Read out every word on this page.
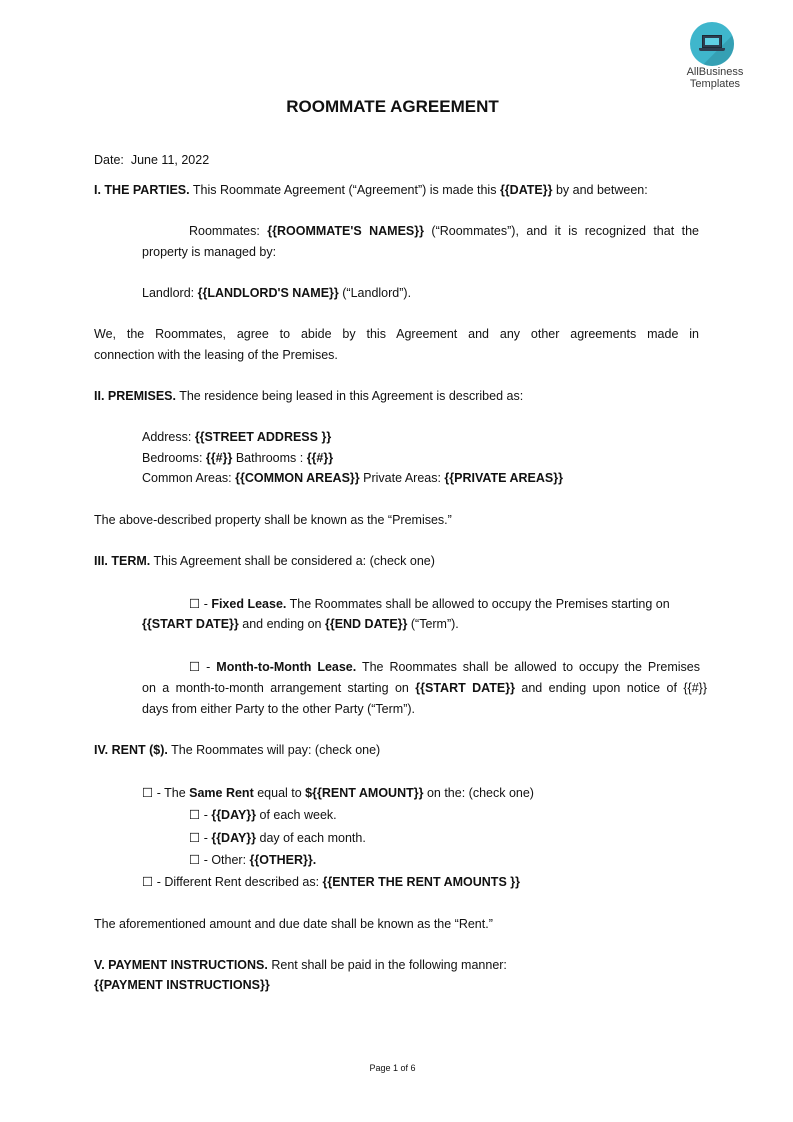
AllBusiness
Templates
ROOMMATE AGREEMENT
Date: June 11, 2022
I. THE PARTIES. This Roommate Agreement (“Agreement”) is made this {{DATE}} by and between:
Roommates: {{ROOMMATE'S NAMES}} (“Roommates”), and it is recognized that the
property is managed by:
Landlord: {{LANDLORD'S NAME}} (“Landlord”).
We, the Roommates, agree to abide by this Agreement and any other agreements made in
connection with the leasing of the Premises.
II. PREMISES. The residence being leased in this Agreement is described as:
Address: {{STREET ADDRESS }}
Bedrooms: {{#}} Bathrooms : {{#}}
Common Areas: {{COMMON AREAS}} Private Areas: {{PRIVATE AREAS}}
The above-described property shall be known as the “Premises.”
III. TERM. This Agreement shall be considered a: (check one)
☐ - Fixed Lease. The Roommates shall be allowed to occupy the Premises starting on
{{START DATE}} and ending on {{END DATE}} (“Term”).
☐ - Month-to-Month Lease. The Roommates shall be allowed to occupy the Premises
on a month-to-month arrangement starting on {{START DATE}} and ending upon notice of {{#}}
days from either Party to the other Party (“Term”).
IV. RENT ($). The Roommates will pay: (check one)
☐ - The Same Rent equal to ${{RENT AMOUNT}} on the: (check one)
☐ - {{DAY}} of each week.
☐ - {{DAY}} day of each month.
☐ - Other: {{OTHER}}.
☐ - Different Rent described as: {{ENTER THE RENT AMOUNTS }}
The aforementioned amount and due date shall be known as the “Rent.”
V. PAYMENT INSTRUCTIONS. Rent shall be paid in the following manner:
{{PAYMENT INSTRUCTIONS}}
Page 1 of 6
